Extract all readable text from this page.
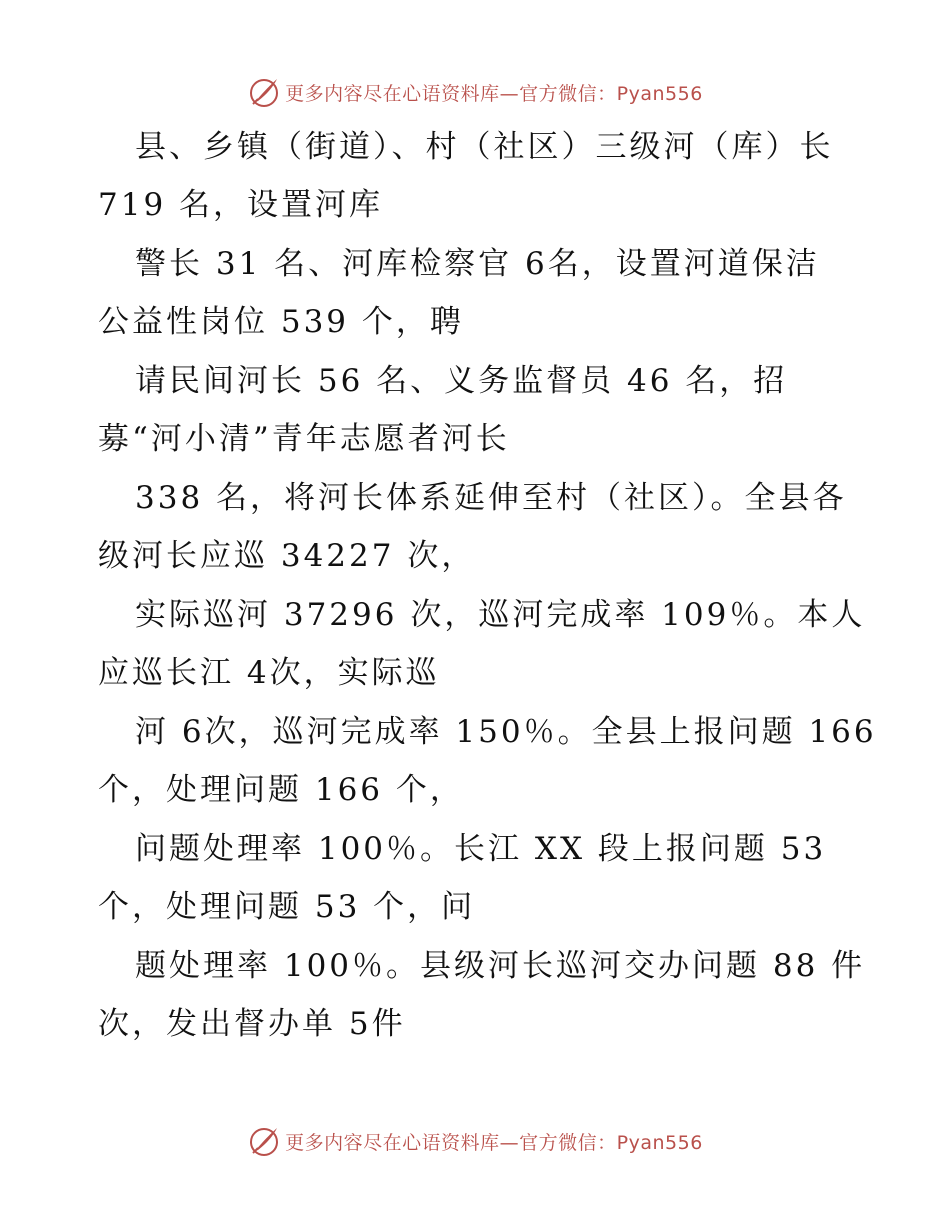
更多内容尽在心语资料库—官方微信：Pyan556
县、乡镇（街道）、村（社区）三级河（库）长
719 名，设置河库
警长 31 名、河库检察官 6名，设置河道保洁
公益性岗位 539 个，聘
请民间河长 56 名、义务监督员 46 名，招
募“河小清”青年志愿者河长
338 名，将河长体系延伸至村（社区）。全县各
级河长应巡 34227 次，
实际巡河 37296 次，巡河完成率 109％。本人
应巡长江 4次，实际巡
河 6次，巡河完成率 150％。全县上报问题 166
个，处理问题 166 个，
问题处理率 100％。长江 XX 段上报问题 53
个，处理问题 53 个，问
题处理率 100％。县级河长巡河交办问题 88 件
次，发出督办单 5件
更多内容尽在心语资料库—官方微信：Pyan556
